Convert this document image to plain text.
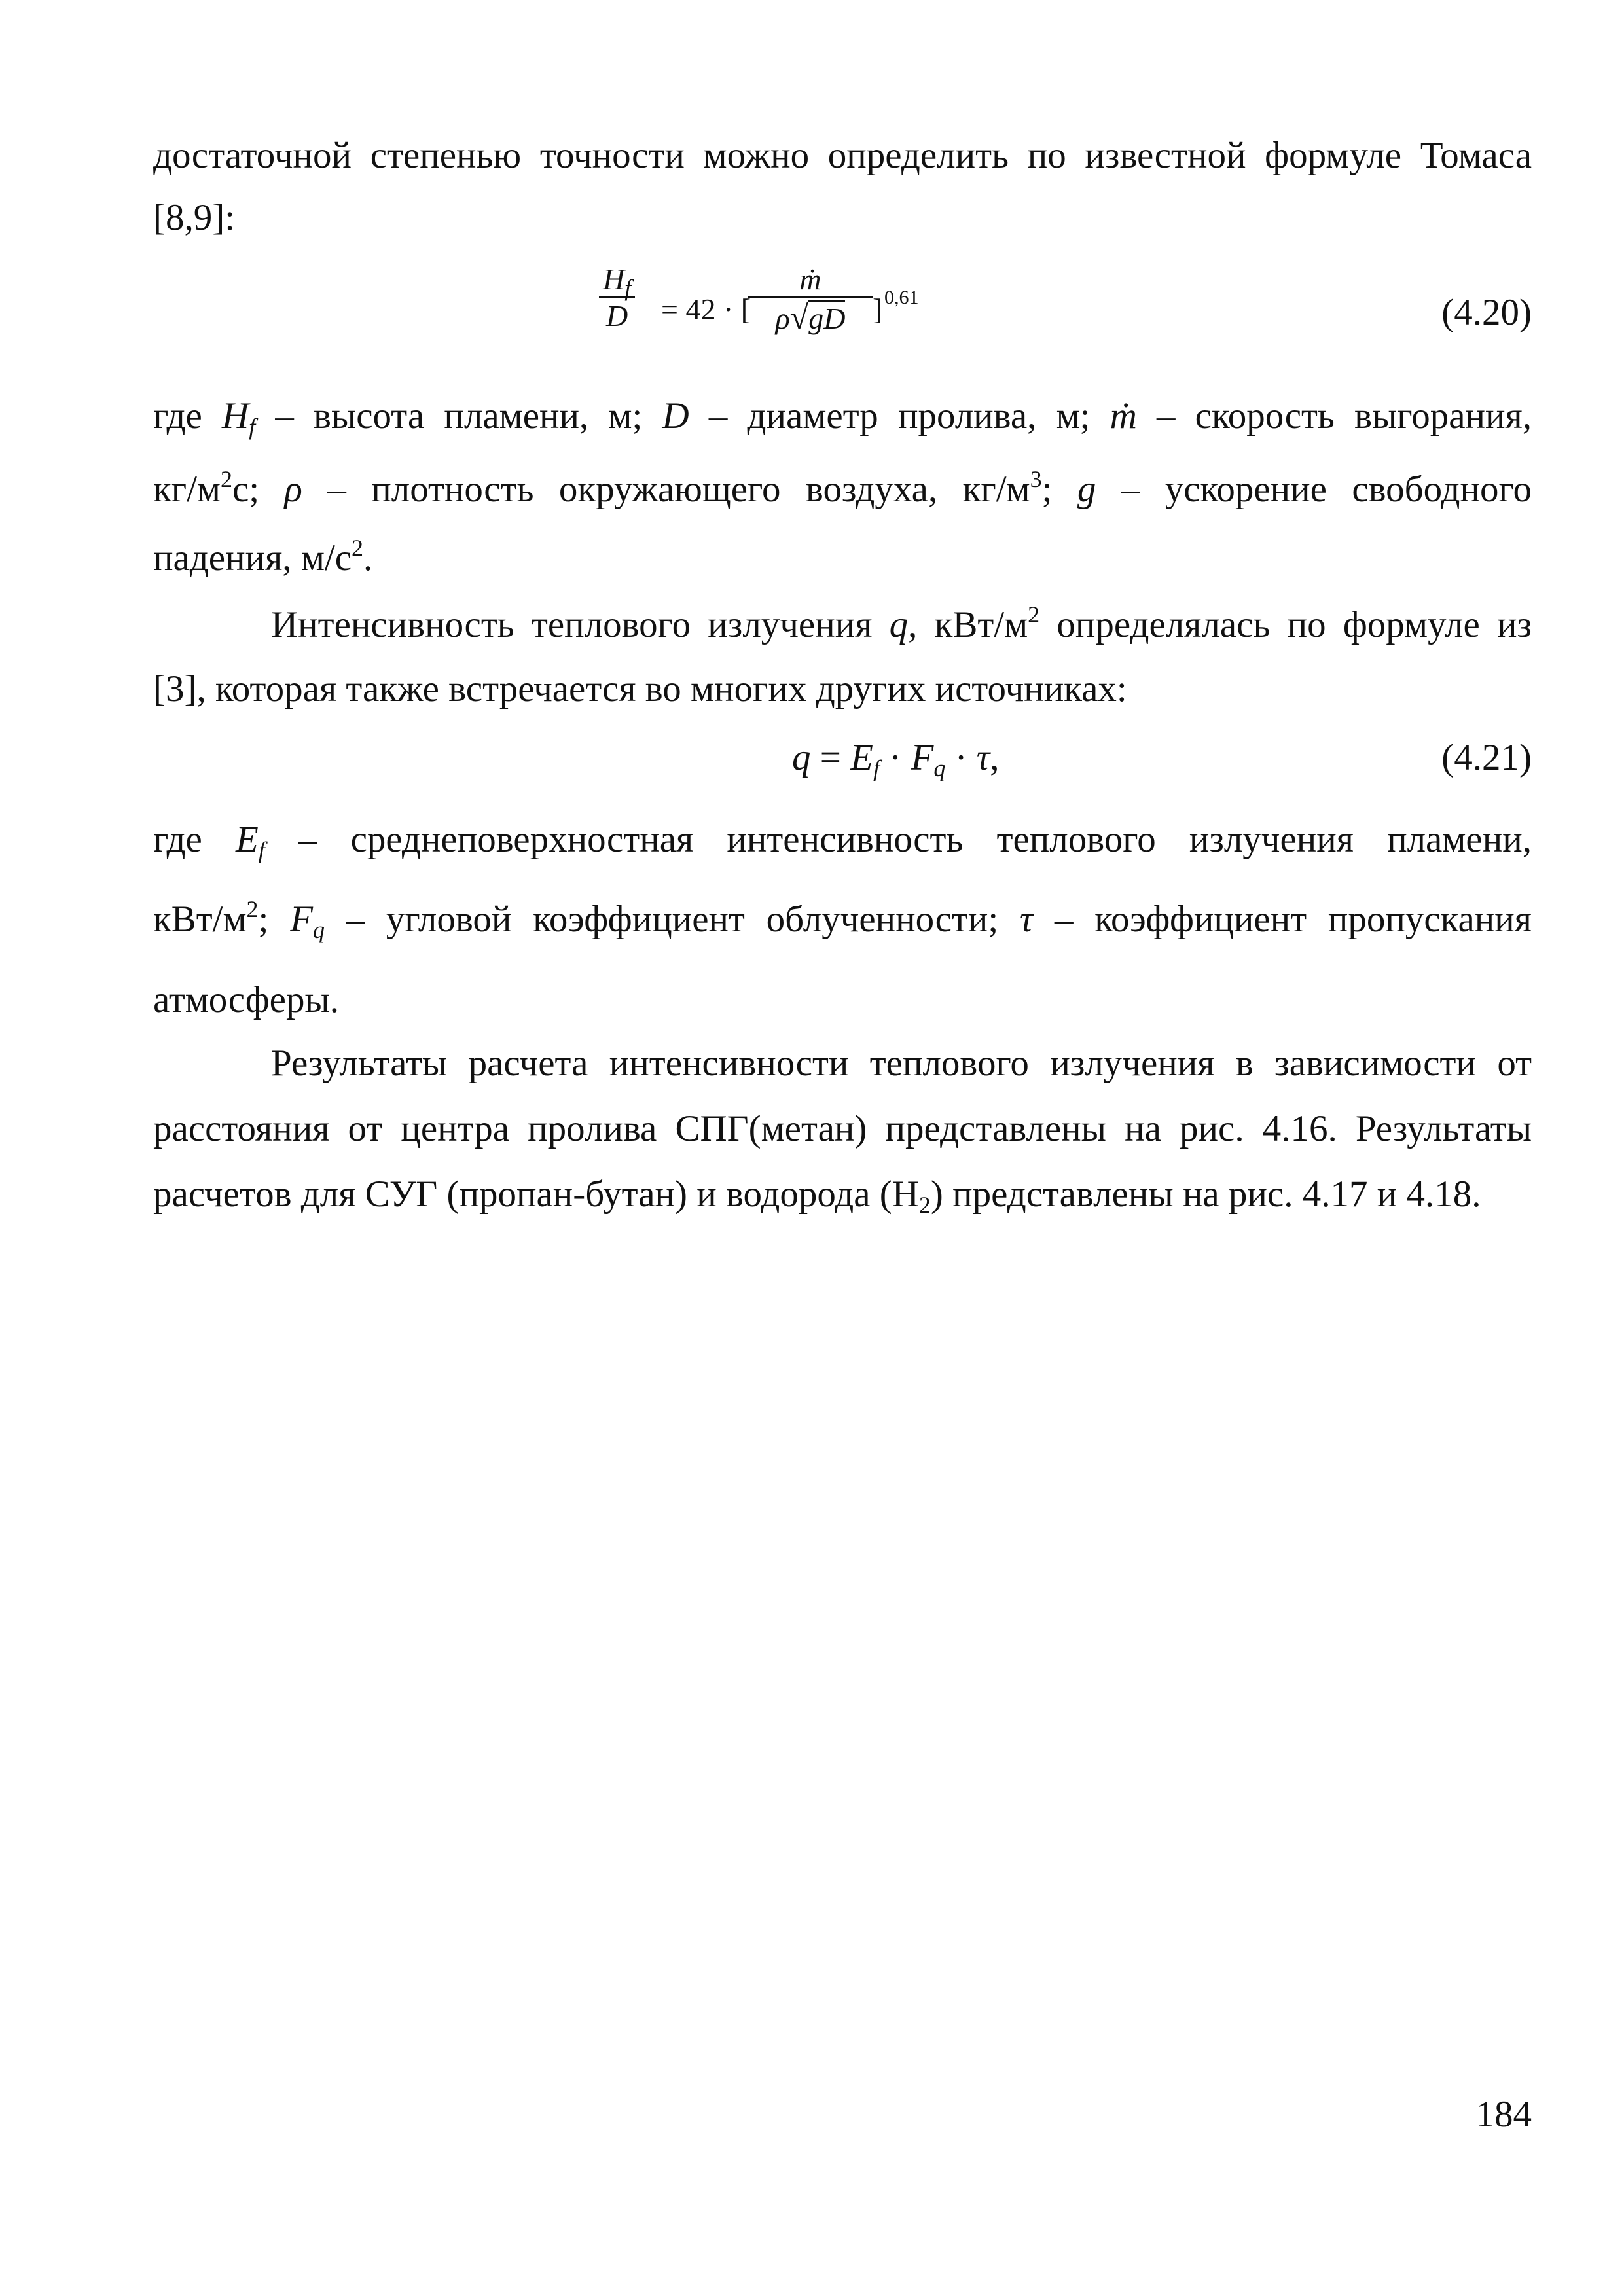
достаточной степенью точности можно определить по известной формуле Томаса
[8,9]:
$H_f$
D = 42 · [
ṁ
ρ√gD ] 0,61	(4.20)
где $H_f$ – высота пламени, м; D – диаметр пролива, м; ṁ – скорость выгорания,
$кг/м^2с$; ρ – плотность окружающего воздуха, $кг/м^3$; g – ускорение свободного
падения, $м/с^2$.
Интенсивность теплового излучения q, кВт/$м^2$ определялась по формуле из
[3], которая также встречается во многих других источниках:
$q = E_f \cdot F_q \cdot \tau$,	(4.21)
где $E_f$ – среднеповерхностная интенсивность теплового излучения пламени,
кВт/$м^2$; $F_q$ – угловой коэффициент облученности; τ – коэффициент пропускания
атмосферы.
Результаты расчета интенсивности теплового излучения в зависимости от
расстояния от центра пролива СПГ(метан) представлены на рис. 4.16. Результаты
расчетов для СУГ (пропан-бутан) и водорода $(H_2)$ представлены на рис. 4.17 и 4.18.
184
